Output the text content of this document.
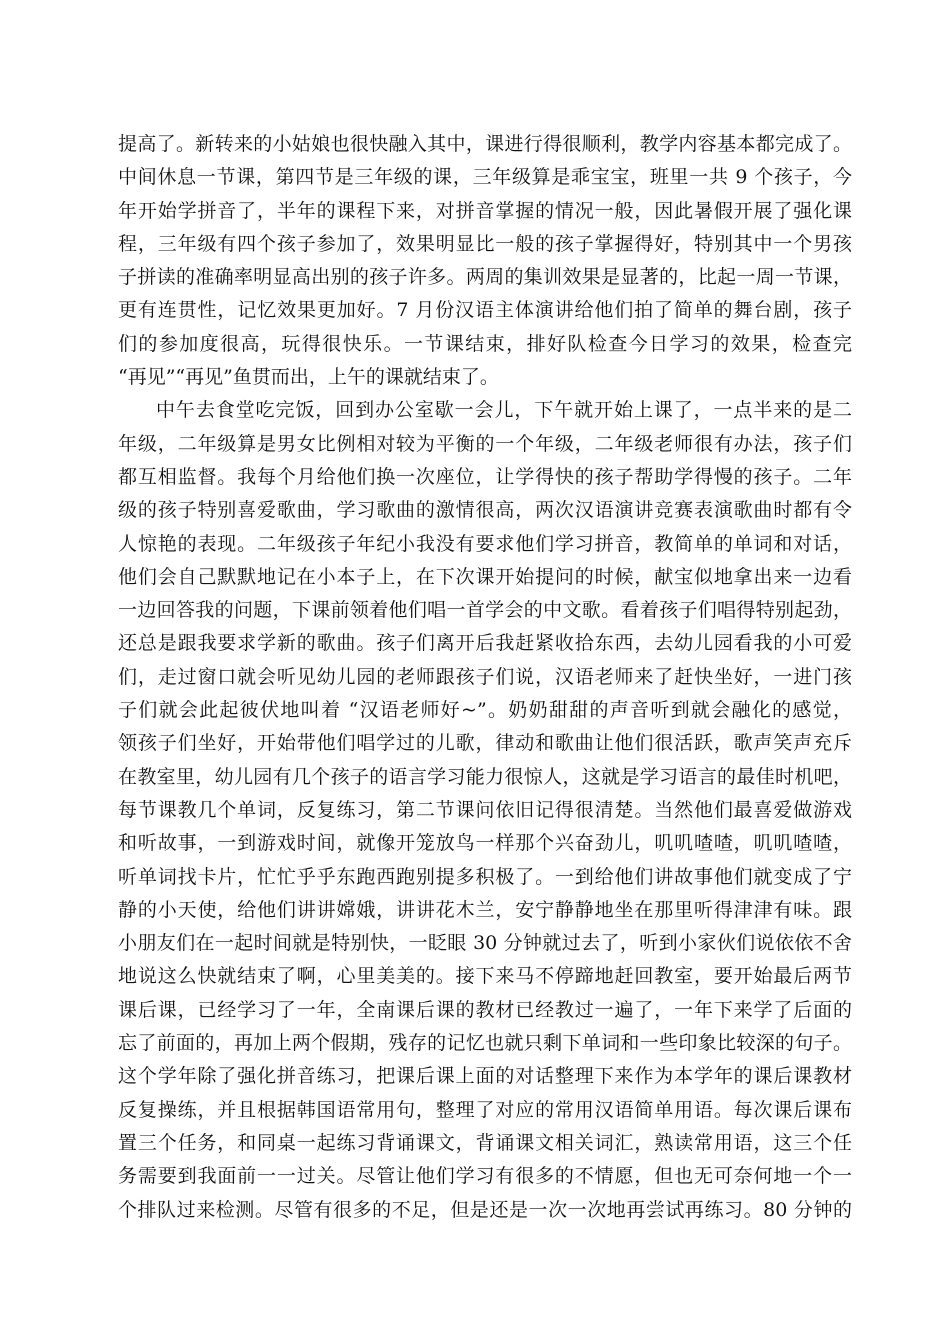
提高了。新转来的小姑娘也很快融入其中，课进行得很顺利，教学内容基本都完成了。
中间休息一节课，第四节是三年级的课，三年级算是乖宝宝，班里一共 9 个孩子，今
年开始学拼音了，半年的课程下来，对拼音掌握的情况一般，因此暑假开展了强化课
程，三年级有四个孩子参加了，效果明显比一般的孩子掌握得好，特别其中一个男孩
子拼读的准确率明显高出别的孩子许多。两周的集训效果是显著的，比起一周一节课，
更有连贯性，记忆效果更加好。7 月份汉语主体演讲给他们拍了简单的舞台剧，孩子
们的参加度很高，玩得很快乐。一节课结束，排好队检查今日学习的效果，检查完
“再见”“再见”鱼贯而出，上午的课就结束了。
中午去食堂吃完饭，回到办公室歇一会儿，下午就开始上课了，一点半来的是二
年级，二年级算是男女比例相对较为平衡的一个年级，二年级老师很有办法，孩子们
都互相监督。我每个月给他们换一次座位，让学得快的孩子帮助学得慢的孩子。二年
级的孩子特别喜爱歌曲，学习歌曲的激情很高，两次汉语演讲竞赛表演歌曲时都有令
人惊艳的表现。二年级孩子年纪小我没有要求他们学习拼音，教简单的单词和对话，
他们会自己默默地记在小本子上，在下次课开始提问的时候，献宝似地拿出来一边看
一边回答我的问题，下课前领着他们唱一首学会的中文歌。看着孩子们唱得特别起劲，
还总是跟我要求学新的歌曲。孩子们离开后我赶紧收拾东西，去幼儿园看我的小可爱
们，走过窗口就会听见幼儿园的老师跟孩子们说，汉语老师来了赶快坐好，一进门孩
子们就会此起彼伏地叫着 “汉语老师好~”。奶奶甜甜的声音听到就会融化的感觉，
领孩子们坐好，开始带他们唱学过的儿歌，律动和歌曲让他们很活跃，歌声笑声充斥
在教室里，幼儿园有几个孩子的语言学习能力很惊人，这就是学习语言的最佳时机吧，
每节课教几个单词，反复练习，第二节课问依旧记得很清楚。当然他们最喜爱做游戏
和听故事，一到游戏时间，就像开笼放鸟一样那个兴奋劲儿，叽叽喳喳，叽叽喳喳，
听单词找卡片，忙忙乎乎东跑西跑别提多积极了。一到给他们讲故事他们就变成了宁
静的小天使，给他们讲讲嫦娥，讲讲花木兰，安宁静静地坐在那里听得津津有味。跟
小朋友们在一起时间就是特别快，一眨眼 30 分钟就过去了，听到小家伙们说依依不舍
地说这么快就结束了啊，心里美美的。接下来马不停蹄地赶回教室，要开始最后两节
课后课，已经学习了一年，全南课后课的教材已经教过一遍了，一年下来学了后面的
忘了前面的，再加上两个假期，残存的记忆也就只剩下单词和一些印象比较深的句子。
这个学年除了强化拼音练习，把课后课上面的对话整理下来作为本学年的课后课教材
反复操练，并且根据韩国语常用句，整理了对应的常用汉语简单用语。每次课后课布
置三个任务，和同桌一起练习背诵课文，背诵课文相关词汇，熟读常用语，这三个任
务需要到我面前一一过关。尽管让他们学习有很多的不情愿，但也无可奈何地一个一
个排队过来检测。尽管有很多的不足，但是还是一次一次地再尝试再练习。80 分钟的
